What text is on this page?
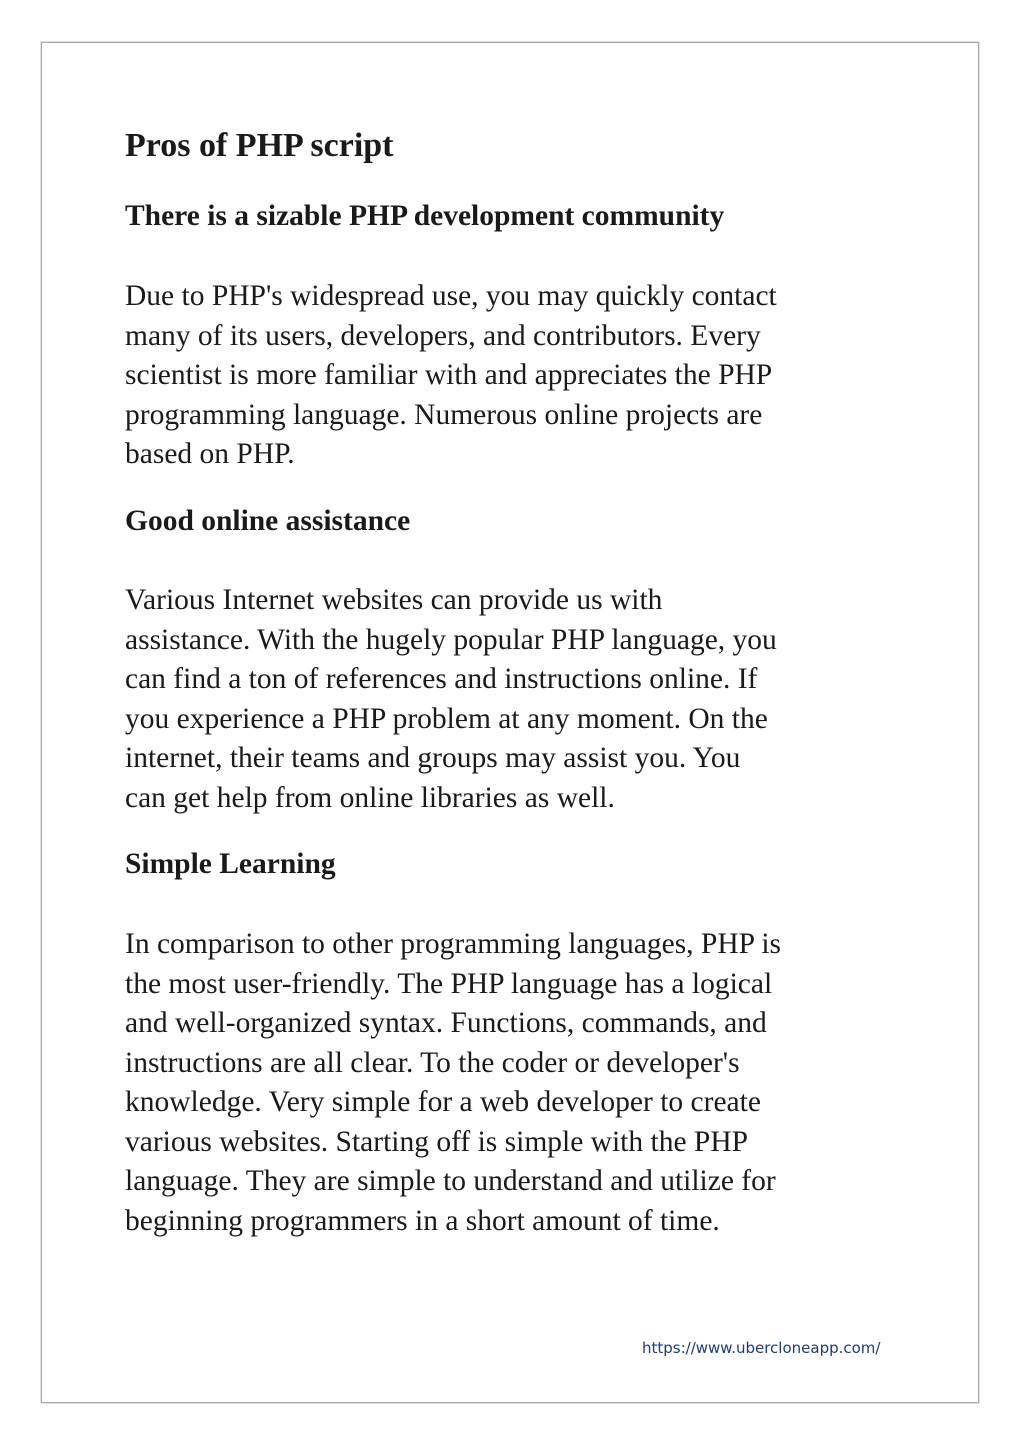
Pros of PHP script
There is a sizable PHP development community

Due to PHP's widespread use, you may quickly contact
many of its users, developers, and contributors. Every
scientist is more familiar with and appreciates the PHP
programming language. Numerous online projects are
based on PHP.

Good online assistance

Various Internet websites can provide us with
assistance. With the hugely popular PHP language, you
can find a ton of references and instructions online. If
you experience a PHP problem at any moment. On the
internet, their teams and groups may assist you. You
can get help from online libraries as well.

Simple Learning

In comparison to other programming languages, PHP is
the most user-friendly. The PHP language has a logical
and well-organized syntax. Functions, commands, and
instructions are all clear. To the coder or developer's
knowledge. Very simple for a web developer to create
various websites. Starting off is simple with the PHP
language. They are simple to understand and utilize for
beginning programmers in a short amount of time.

https://www.ubercloneapp.com/
